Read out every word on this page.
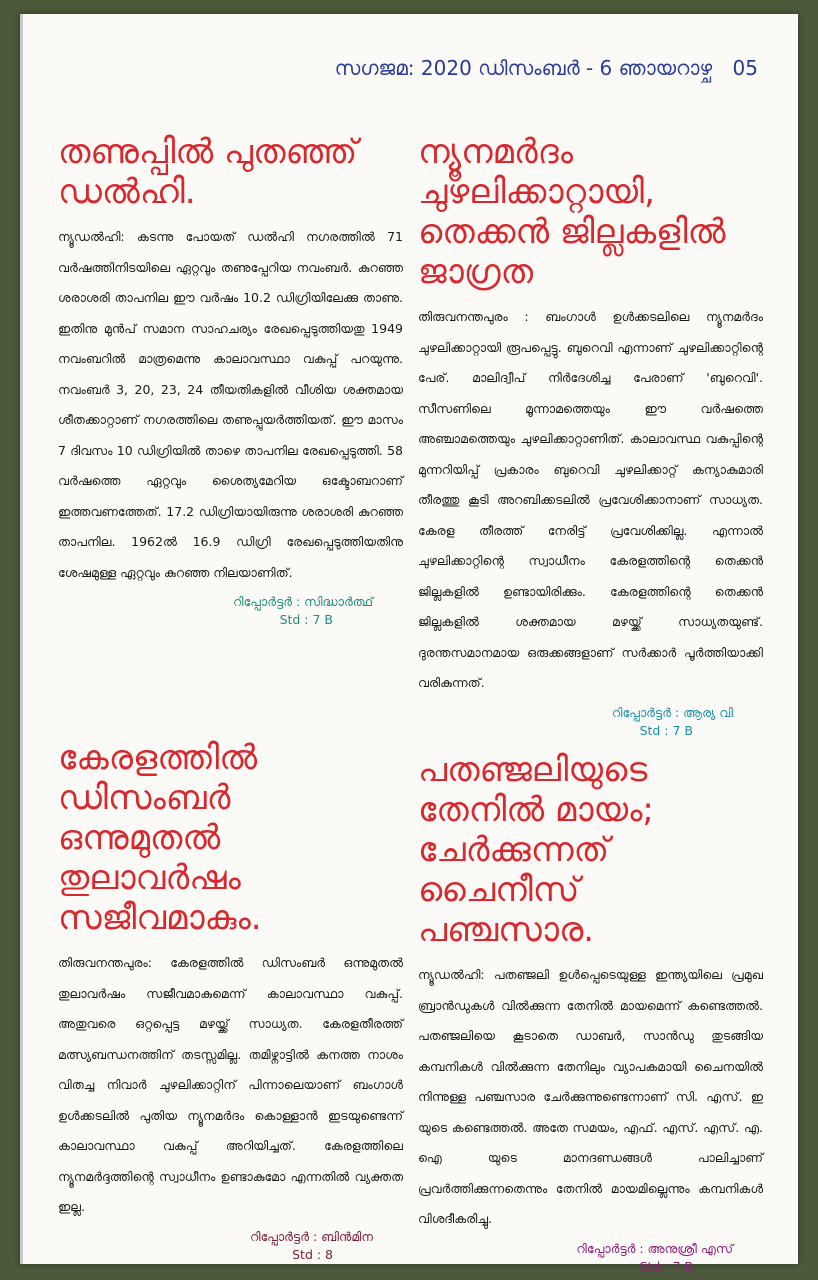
സഗജമ: 2020 ഡിസംബർ - 6 ഞായറാഴ്ച 05
തണുപ്പിൽ പുതഞ്ഞ് ഡൽഹി.
ന്യൂഡൽഹി: കടന്നു പോയത് ഡൽഹി നഗരത്തിൽ 71 വർഷത്തിനിടയിലെ ഏറ്റവും തണുപ്പേറിയ നവംബർ. കുറഞ്ഞ ശരാശരി താപനില ഈ വർഷം 10.2 ഡിഗ്രിയിലേക്കു താണു. ഇതിനു മുൻപ് സമാന സാഹചര്യം രേഖപ്പെടുത്തിയതു 1949 നവംബറിൽ മാത്രമെന്നു കാലാവസ്ഥാ വകുപ്പ് പറയുന്നു. നവംബർ 3, 20, 23, 24 തീയതികളിൽ വീശിയ ശക്തമായ ശീതക്കാറ്റാണ് നഗരത്തിലെ തണുപ്പുയർത്തിയത്. ഈ മാസം 7 ദിവസം 10 ഡിഗ്രിയിൽ താഴെ താപനില രേഖപ്പെടുത്തി. 58 വർഷത്തെ ഏറ്റവും ശൈത്യമേറിയ ഒക്ടോബറാണ് ഇത്തവണത്തേത്. 17.2 ഡിഗ്രിയായിരുന്നു ശരാശരി കുറഞ്ഞ താപനില. 1962ൽ 16.9 ഡിഗ്രി രേഖപ്പെടുത്തിയതിനു ശേഷമുള്ള ഏറ്റവും കുറഞ്ഞ നിലയാണിത്.
റിപ്പോർട്ടർ : സിദ്ധാർത്ഥ്
Std : 7 B
ന്യൂനമർദം ചുഴലിക്കാറ്റായി, തെക്കൻ ജില്ലകളിൽ ജാഗ്രത
തിരുവനന്തപുരം : ബംഗാൾ ഉൾക്കടലിലെ ന്യൂനമർദം ചുഴലിക്കാറ്റായി രൂപപ്പെട്ടു. ബുറെവി എന്നാണ് ചുഴലിക്കാറ്റിന്റെ പേര്. മാലിദ്വീപ് നിർദേശിച്ച പേരാണ് 'ബുറെവി'. സീസണിലെ മൂന്നാമത്തെയും ഈ വർഷത്തെ അഞ്ചാമത്തെയും ചുഴലിക്കാറ്റാണിത്. കാലാവസ്ഥ വകുപ്പിന്റെ മുന്നറിയിപ്പ് പ്രകാരം ബുറെവി ചുഴലിക്കാറ്റ് കന്യാകുമാരി തീരത്തു കൂടി അറബിക്കടലിൽ പ്രവേശിക്കാനാണ് സാധ്യത. കേരള തീരത്ത് നേരിട്ട് പ്രവേശിക്കില്ല. എന്നാൽ ചുഴലിക്കാറ്റിന്റെ സ്വാധീനം കേരളത്തിന്റെ തെക്കൻ ജില്ലകളിൽ ഉണ്ടായിരിക്കും. കേരളത്തിന്റെ തെക്കൻ ജില്ലകളിൽ ശക്തമായ മഴയ്ക്ക് സാധ്യതയുണ്ട്. ദുരന്തസമാനമായ ഒരുക്കങ്ങളാണ് സർക്കാർ പൂർത്തിയാക്കി വരികുന്നത്.
റിപ്പോർട്ടർ : ആര്യ വി
Std : 7 B
കേരളത്തിൽ ഡിസംബർ ഒന്നുമുതൽ തുലാവർഷം സജീവമാകും.
തിരുവനന്തപുരം: കേരളത്തിൽ ഡിസംബർ ഒന്നുമുതൽ തുലാവർഷം സജീവമാകുമെന്ന് കാലാവസ്ഥാ വകുപ്പ്. അതുവരെ ഒറ്റപ്പെട്ട മഴയ്ക്ക് സാധ്യത. കേരളതീരത്ത് മത്സ്യബന്ധനത്തിന് തടസ്സമില്ല. തമിഴ്നാട്ടിൽ കനത്ത നാശം വിതച്ച നിവാർ ചുഴലിക്കാറ്റിന് പിന്നാലെയാണ് ബംഗാൾ ഉൾക്കടലിൽ പുതിയ ന്യൂനമർദം കൊള്ളാൻ ഇടയുണ്ടെന്ന് കാലാവസ്ഥാ വകുപ്പ് അറിയിച്ചത്. കേരളത്തിലെ ന്യൂനമർദ്ദത്തിന്റെ സ്വാധീനം ഉണ്ടാകുമോ എന്നതിൽ വ്യക്തത ഇല്ല.
റിപ്പോർട്ടർ : ബിൻമിന
Std : 8
പതഞ്ജലിയുടെ തേനിൽ മായം; ചേർക്കുന്നത് ചൈനീസ് പഞ്ചസാര.
ന്യൂഡൽഹി: പതഞ്ജലി ഉൾപ്പെടെയുള്ള ഇന്ത്യയിലെ പ്രമുഖ ബ്രാൻഡുകൾ വിൽക്കുന്ന തേനിൽ മായമെന്ന് കണ്ടെത്തൽ. പതഞ്ജലിയെ കൂടാതെ ഡാബർ, സാൻഡു തുടങ്ങിയ കമ്പനികൾ വിൽക്കുന്ന തേനിലും വ്യാപകമായി ചൈനയിൽ നിന്നുള്ള പഞ്ചസാര ചേർക്കുന്നുണ്ടെന്നാണ് സി. എസ്. ഇ യുടെ കണ്ടെത്തൽ. അതേ സമയം, എഫ്. എസ്. എസ്. എ. ഐ യുടെ മാനദണ്ഡങ്ങൾ പാലിച്ചാണ് പ്രവർത്തിക്കുന്നതെന്നും തേനിൽ മായമില്ലെന്നും കമ്പനികൾ വിശദീകരിച്ചു.
റിപ്പോർട്ടർ : അനുശ്രീ എസ്
Std : 7 B
